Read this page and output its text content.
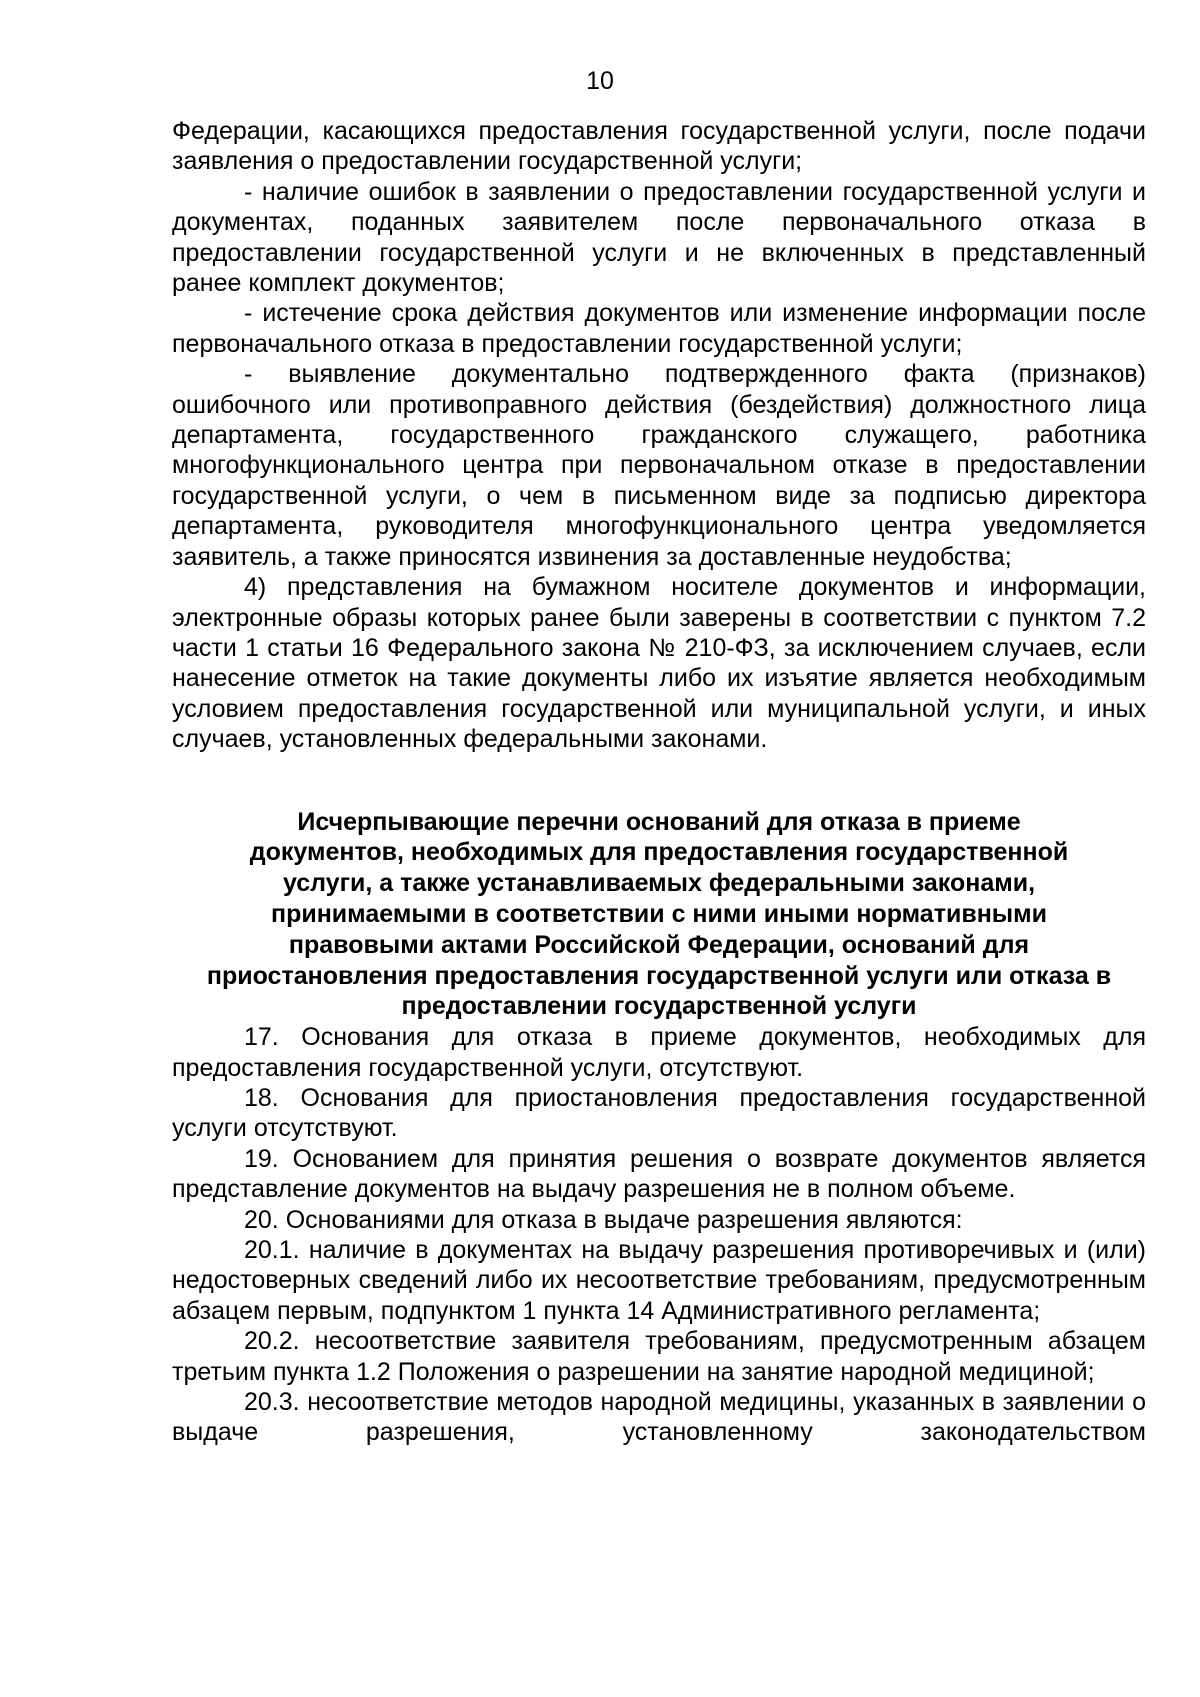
10

Федерации, касающихся предоставления государственной услуги, после подачи заявления о предоставлении государственной услуги;

- наличие ошибок в заявлении о предоставлении государственной услуги и документах, поданных заявителем после первоначального отказа в предоставлении государственной услуги и не включенных в представленный ранее комплект документов;

- истечение срока действия документов или изменение информации после первоначального отказа в предоставлении государственной услуги;

- выявление документально подтвержденного факта (признаков) ошибочного или противоправного действия (бездействия) должностного лица департамента, государственного гражданского служащего, работника многофункционального центра при первоначальном отказе в предоставлении государственной услуги, о чем в письменном виде за подписью директора департамента, руководителя многофункционального центра уведомляется заявитель, а также приносятся извинения за доставленные неудобства;

4) представления на бумажном носителе документов и информации, электронные образы которых ранее были заверены в соответствии с пунктом 7.2 части 1 статьи 16 Федерального закона № 210-ФЗ, за исключением случаев, если нанесение отметок на такие документы либо их изъятие является необходимым условием предоставления государственной или муниципальной услуги, и иных случаев, установленных федеральными законами.

Исчерпывающие перечни оснований для отказа в приеме
документов, необходимых для предоставления государственной
услуги, а также устанавливаемых федеральными законами,
принимаемыми в соответствии с ними иными нормативными
правовыми актами Российской Федерации, оснований для
приостановления предоставления государственной услуги или отказа в
предоставлении государственной услуги

17. Основания для отказа в приеме документов, необходимых для предоставления государственной услуги, отсутствуют.

18. Основания для приостановления предоставления государственной услуги отсутствуют.

19. Основанием для принятия решения о возврате документов является представление документов на выдачу разрешения не в полном объеме.

20. Основаниями для отказа в выдаче разрешения являются:

20.1. наличие в документах на выдачу разрешения противоречивых и (или) недостоверных сведений либо их несоответствие требованиям, предусмотренным абзацем первым, подпунктом 1 пункта 14 Административного регламента;

20.2. несоответствие заявителя требованиям, предусмотренным абзацем третьим пункта 1.2 Положения о разрешении на занятие народной медициной;

20.3. несоответствие методов народной медицины, указанных в заявлении о выдаче разрешения, установленному законодательством
